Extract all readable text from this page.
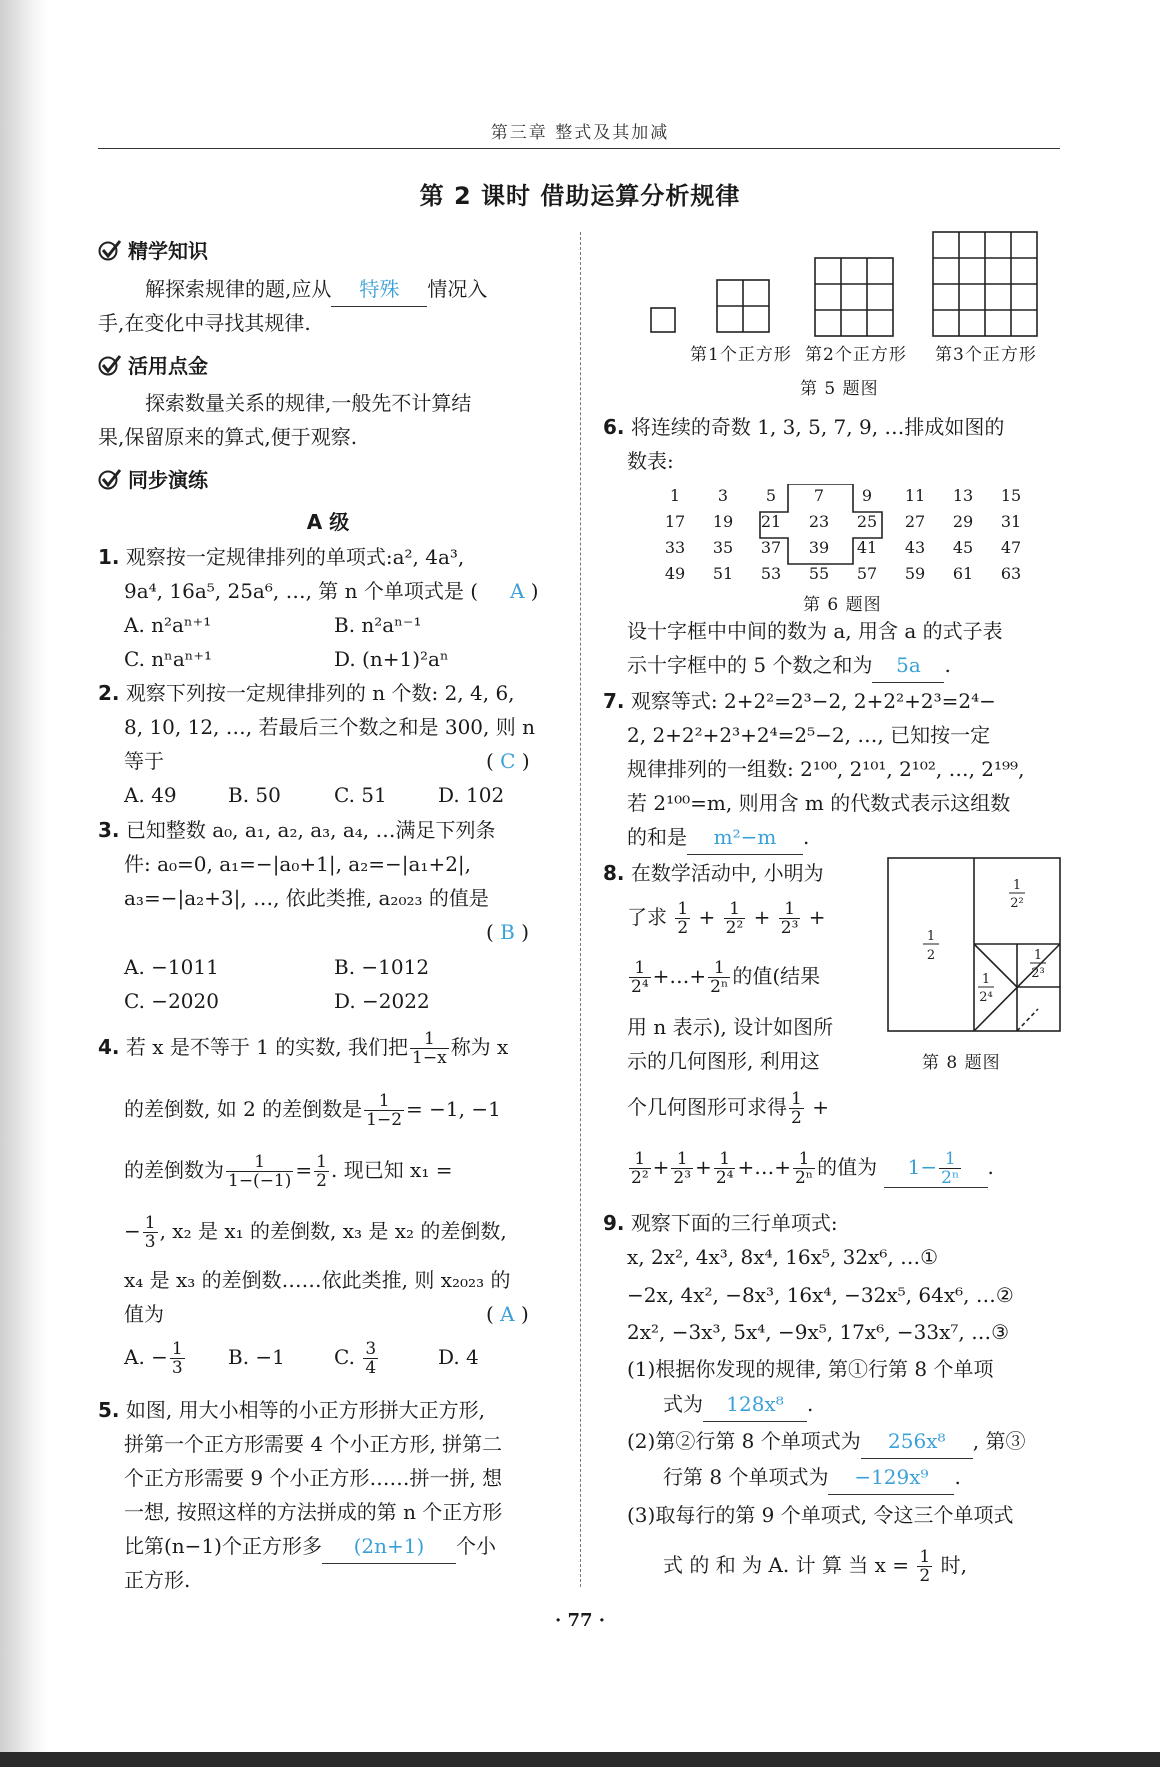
第三章 整式及其加减
第 2 课时 借助运算分析规律
精学知识
解探索规律的题,应从 特殊 情况入
手,在变化中寻找其规律.
活用点金
探索数量关系的规律,一般先不计算结
果,保留原来的算式,便于观察.
同步演练
A 级
1. 观察按一定规律排列的单项式:a², 4a³,
9a⁴, 16a⁵, 25a⁶, …, 第 n 个单项式是 ( A )
A. n²aⁿ⁺¹	B. n²aⁿ⁻¹
C. nⁿaⁿ⁺¹	D. (n+1)²aⁿ
2. 观察下列按一定规律排列的 n 个数: 2, 4, 6,
8, 10, 12, …, 若最后三个数之和是 300, 则 n
等于	( C )
A. 49	B. 50	C. 51	D. 102
3. 已知整数 a₀, a₁, a₂, a₃, a₄, …满足下列条
件: a₀=0, a₁=−|a₀+1|, a₂=−|a₁+2|,
a₃=−|a₂+3|, …, 依此类推, a₂₀₂₃ 的值是
( B )
A. −1011	B. −1012
C. −2020	D. −2022
4. 若 x 是不等于 1 的实数, 我们把 $\frac{1}{1-x}$ 称为 x
的差倒数, 如 2 的差倒数是 $\frac{1}{1-2} = -1$, −1
的差倒数为 $\frac{1}{1-(-1)} = \frac{1}{2}$ . 现已知 x₁ =
− $\frac{1}{3}$ , x₂ 是 x₁ 的差倒数, x₃ 是 x₂ 的差倒数,
x₄ 是 x₃ 的差倒数……依此类推, 则 x₂₀₂₃ 的
值为	( A )
A. − $\frac{1}{3} B$. −1 C. $\frac{3}{4}$	D. 4
5. 如图, 用大小相等的小正方形拼大正方形,
拼第一个正方形需要 4 个小正方形, 拼第二
个正方形需要 9 个小正方形……拼一拼, 想
一想, 按照这样的方法拼成的第 n 个正方形
比第(n−1)个正方形多 (2n+1) 个小
正方形.
第1个正方形 第2个正方形 第3个正方形
第 5 题图
6. 将连续的奇数 1, 3, 5, 7, 9, …排成如图的
数表:
1	3	5	7	9	11	13	15
17	19	21	23	25	27	29	31
33	35	37	39	41	43	45	47
49	51	53	55	57	59	61	63
第 6 题图
设十字框中中间的数为 a, 用含 a 的式子表
示十字框中的 5 个数之和为 5a .
7. 观察等式: 2+2²=2³−2, 2+2²+2³=2⁴−
2, 2+2²+2³+2⁴=2⁵−2, …, 已知按一定
规律排列的一组数: 2¹⁰⁰, 2¹⁰¹, 2¹⁰², …, 2¹⁹⁹,
若 2¹⁰⁰=m, 则用含 m 的代数式表示这组数
的和是 m²−m .
8. 在数学活动中, 小明为
了求 $\frac{1}{2} + \frac{1}{\text{2²}} + \frac{1}{\text{2³}}$ +
$\frac{1}{\text{2⁴}}$ +…+ $\frac{1}{\text{2ⁿ}}$ 的值(结果
用 n 表示), 设计如图所
示的几何图形, 利用这
个几何图形可求得 $\frac{1}{2}$ +
$\frac{1}{\text{2²}} + \frac{1}{\text{2³}} + \frac{1}{\text{2⁴}}$ +…+ $\frac{1}{\text{2ⁿ}}$ 的值为 $1- \frac{1}{\text{2ⁿ}}$ .
1
2
1
2²
1
2³
1
2⁴
第 8 题图
9. 观察下面的三行单项式:
x, 2x², 4x³, 8x⁴, 16x⁵, 32x⁶, …①
−2x, 4x², −8x³, 16x⁴, −32x⁵, 64x⁶, …②
2x², −3x³, 5x⁴, −9x⁵, 17x⁶, −33x⁷, …③
(1)根据你发现的规律, 第①行第 8 个单项
式为 128x⁸ .
(2)第②行第 8 个单项式为 256x⁸ , 第③
行第 8 个单项式为 −129x⁹ .
(3)取每行的第 9 个单项式, 令这三个单项式
式 的 和 为 A. 计 算 当 $x = \frac{1}{2}$ 时,
· 77 ·
